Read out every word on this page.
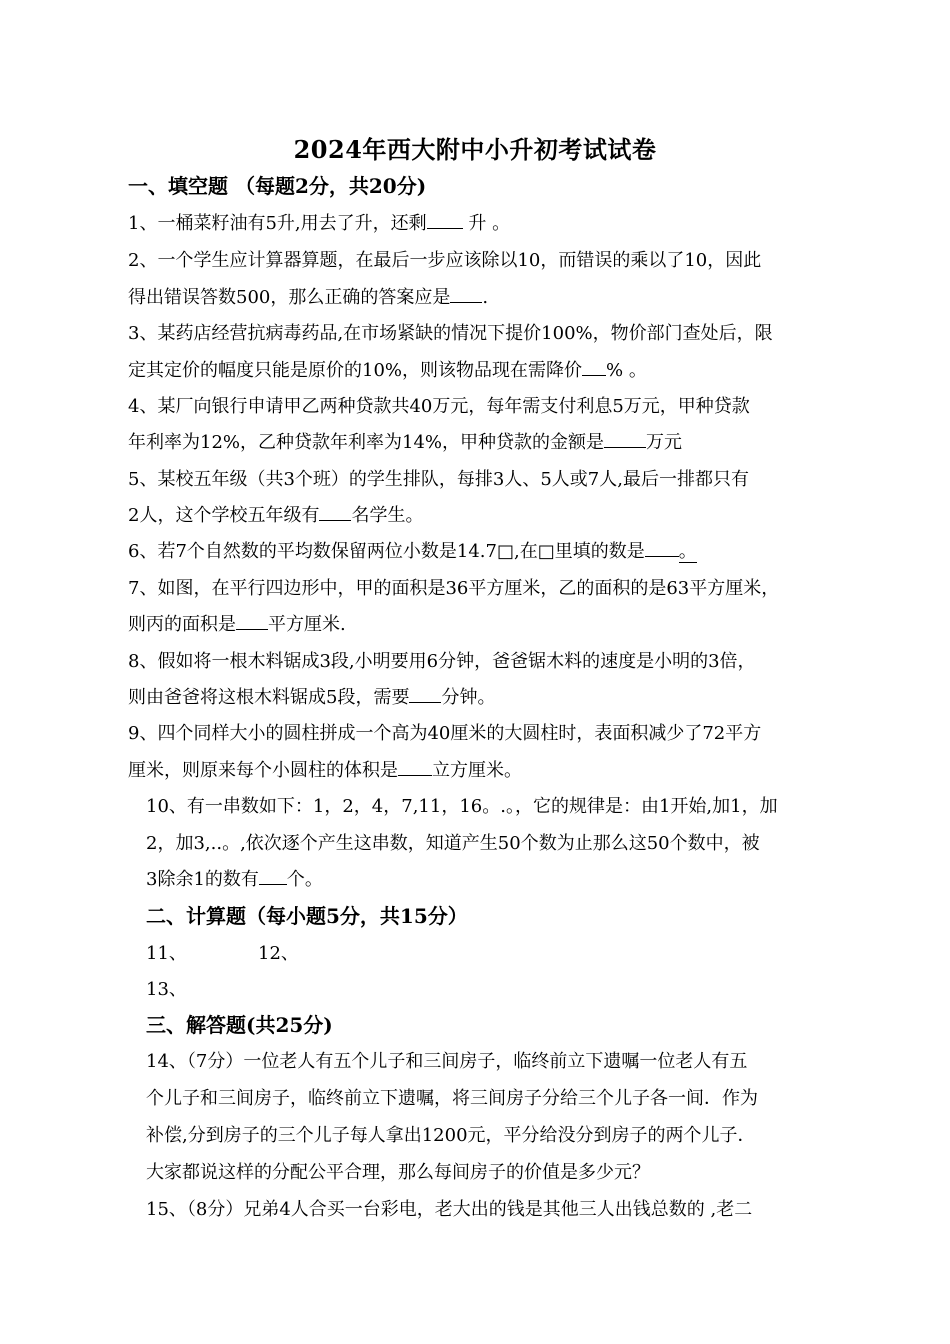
2024年西大附中小升初考试试卷
一、填空题 （每题2分，共20分)
1、一桶菜籽油有5升,用去了升，还剩 升 。
2、一个学生应计算器算题，在最后一步应该除以10，而错误的乘以了10，因此
得出错误答数500，那么正确的答案应是 .
3、某药店经营抗病毒药品,在市场紧缺的情况下提价100%，物价部门查处后，限
定其定价的幅度只能是原价的10%，则该物品现在需降价 % 。
4、某厂向银行申请甲乙两种贷款共40万元，每年需支付利息5万元，甲种贷款
年利率为12%，乙种贷款年利率为14%，甲种贷款的金额是 万元
5、某校五年级（共3个班）的学生排队，每排3人、5人或7人,最后一排都只有
2人，这个学校五年级有 名学生。
6、若7个自然数的平均数保留两位小数是14.7□,在□里填的数是 。
7、如图，在平行四边形中，甲的面积是36平方厘米，乙的面积的是63平方厘米，
则丙的面积是 平方厘米.
8、假如将一根木料锯成3段,小明要用6分钟，爸爸锯木料的速度是小明的3倍，
则由爸爸将这根木料锯成5段，需要 分钟。
9、四个同样大小的圆柱拼成一个高为40厘米的大圆柱时，表面积减少了72平方
厘米，则原来每个小圆柱的体积是 立方厘米。
10、有一串数如下：1，2，4，7,11，16。.。，它的规律是：由1开始,加1，加
2，加3,..。,依次逐个产生这串数，知道产生50个数为止那么这50个数中，被
3除余1的数有 个。
二、计算题（每小题5分，共15分）
11、	12、
13、
三、解答题(共25分)
14、（7分）一位老人有五个儿子和三间房子，临终前立下遗嘱一位老人有五
个儿子和三间房子，临终前立下遗嘱，将三间房子分给三个儿子各一间．作为
补偿,分到房子的三个儿子每人拿出1200元，平分给没分到房子的两个儿子．
大家都说这样的分配公平合理，那么每间房子的价值是多少元？
15、（8分）兄弟4人合买一台彩电，老大出的钱是其他三人出钱总数的 ,老二
